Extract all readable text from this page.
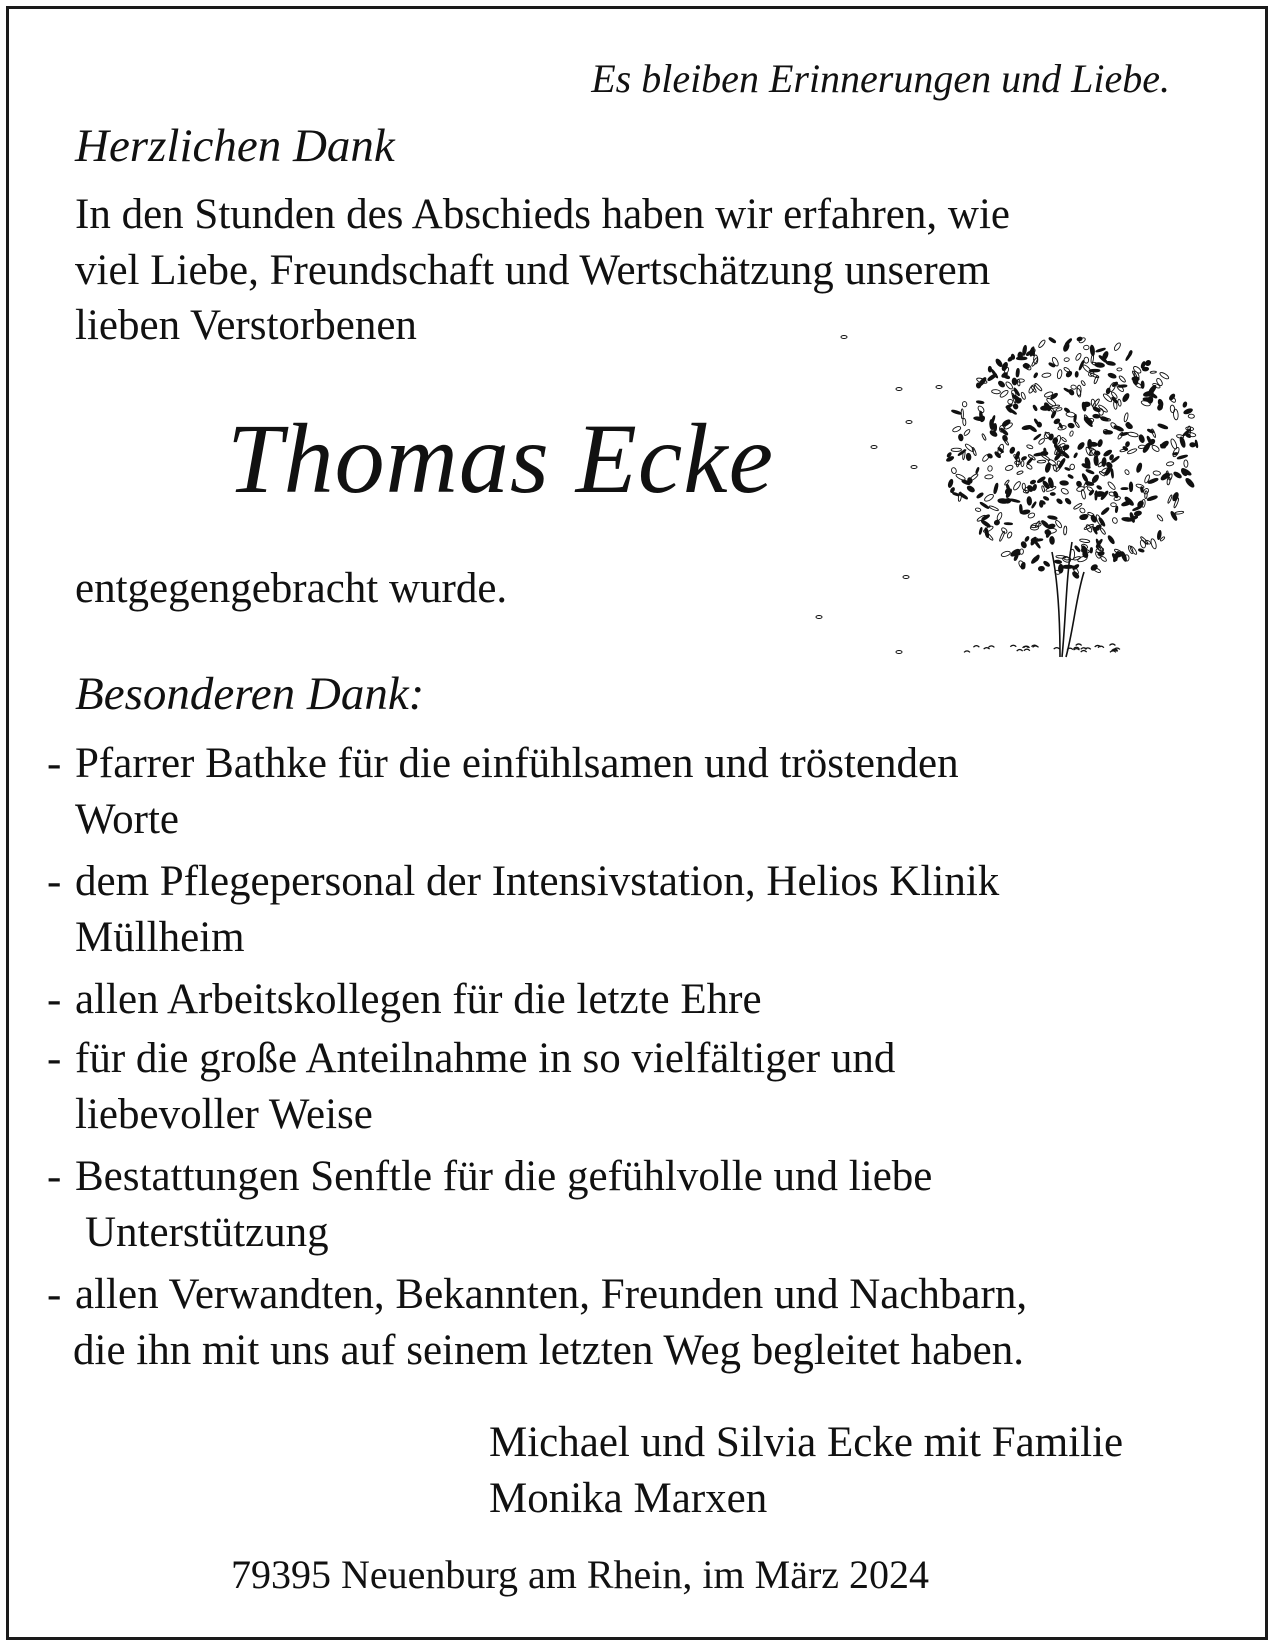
Es bleiben Erinnerungen und Liebe.

Herzlichen Dank

In den Stunden des Abschieds haben wir erfahren, wie

viel Liebe, Freundschaft und Wertschätzung unserem

lieben Verstorbenen

Thomas Ecke

entgegengebracht wurde.

Besonderen Dank:

- Pfarrer Bathke für die einfühlsamen und tröstenden
Worte
- dem Pflegepersonal der Intensivstation, Helios Klinik
Müllheim
- allen Arbeitskollegen für die letzte Ehre
- für die große Anteilnahme in so vielfältiger und
liebevoller Weise
- Bestattungen Senftle für die gefühlvolle und liebe
Unterstützung
- allen Verwandten, Bekannten, Freunden und Nachbarn,
die ihn mit uns auf seinem letzten Weg begleitet haben.

Michael und Silvia Ecke mit Familie

Monika Marxen

79395 Neuenburg am Rhein, im März 2024
